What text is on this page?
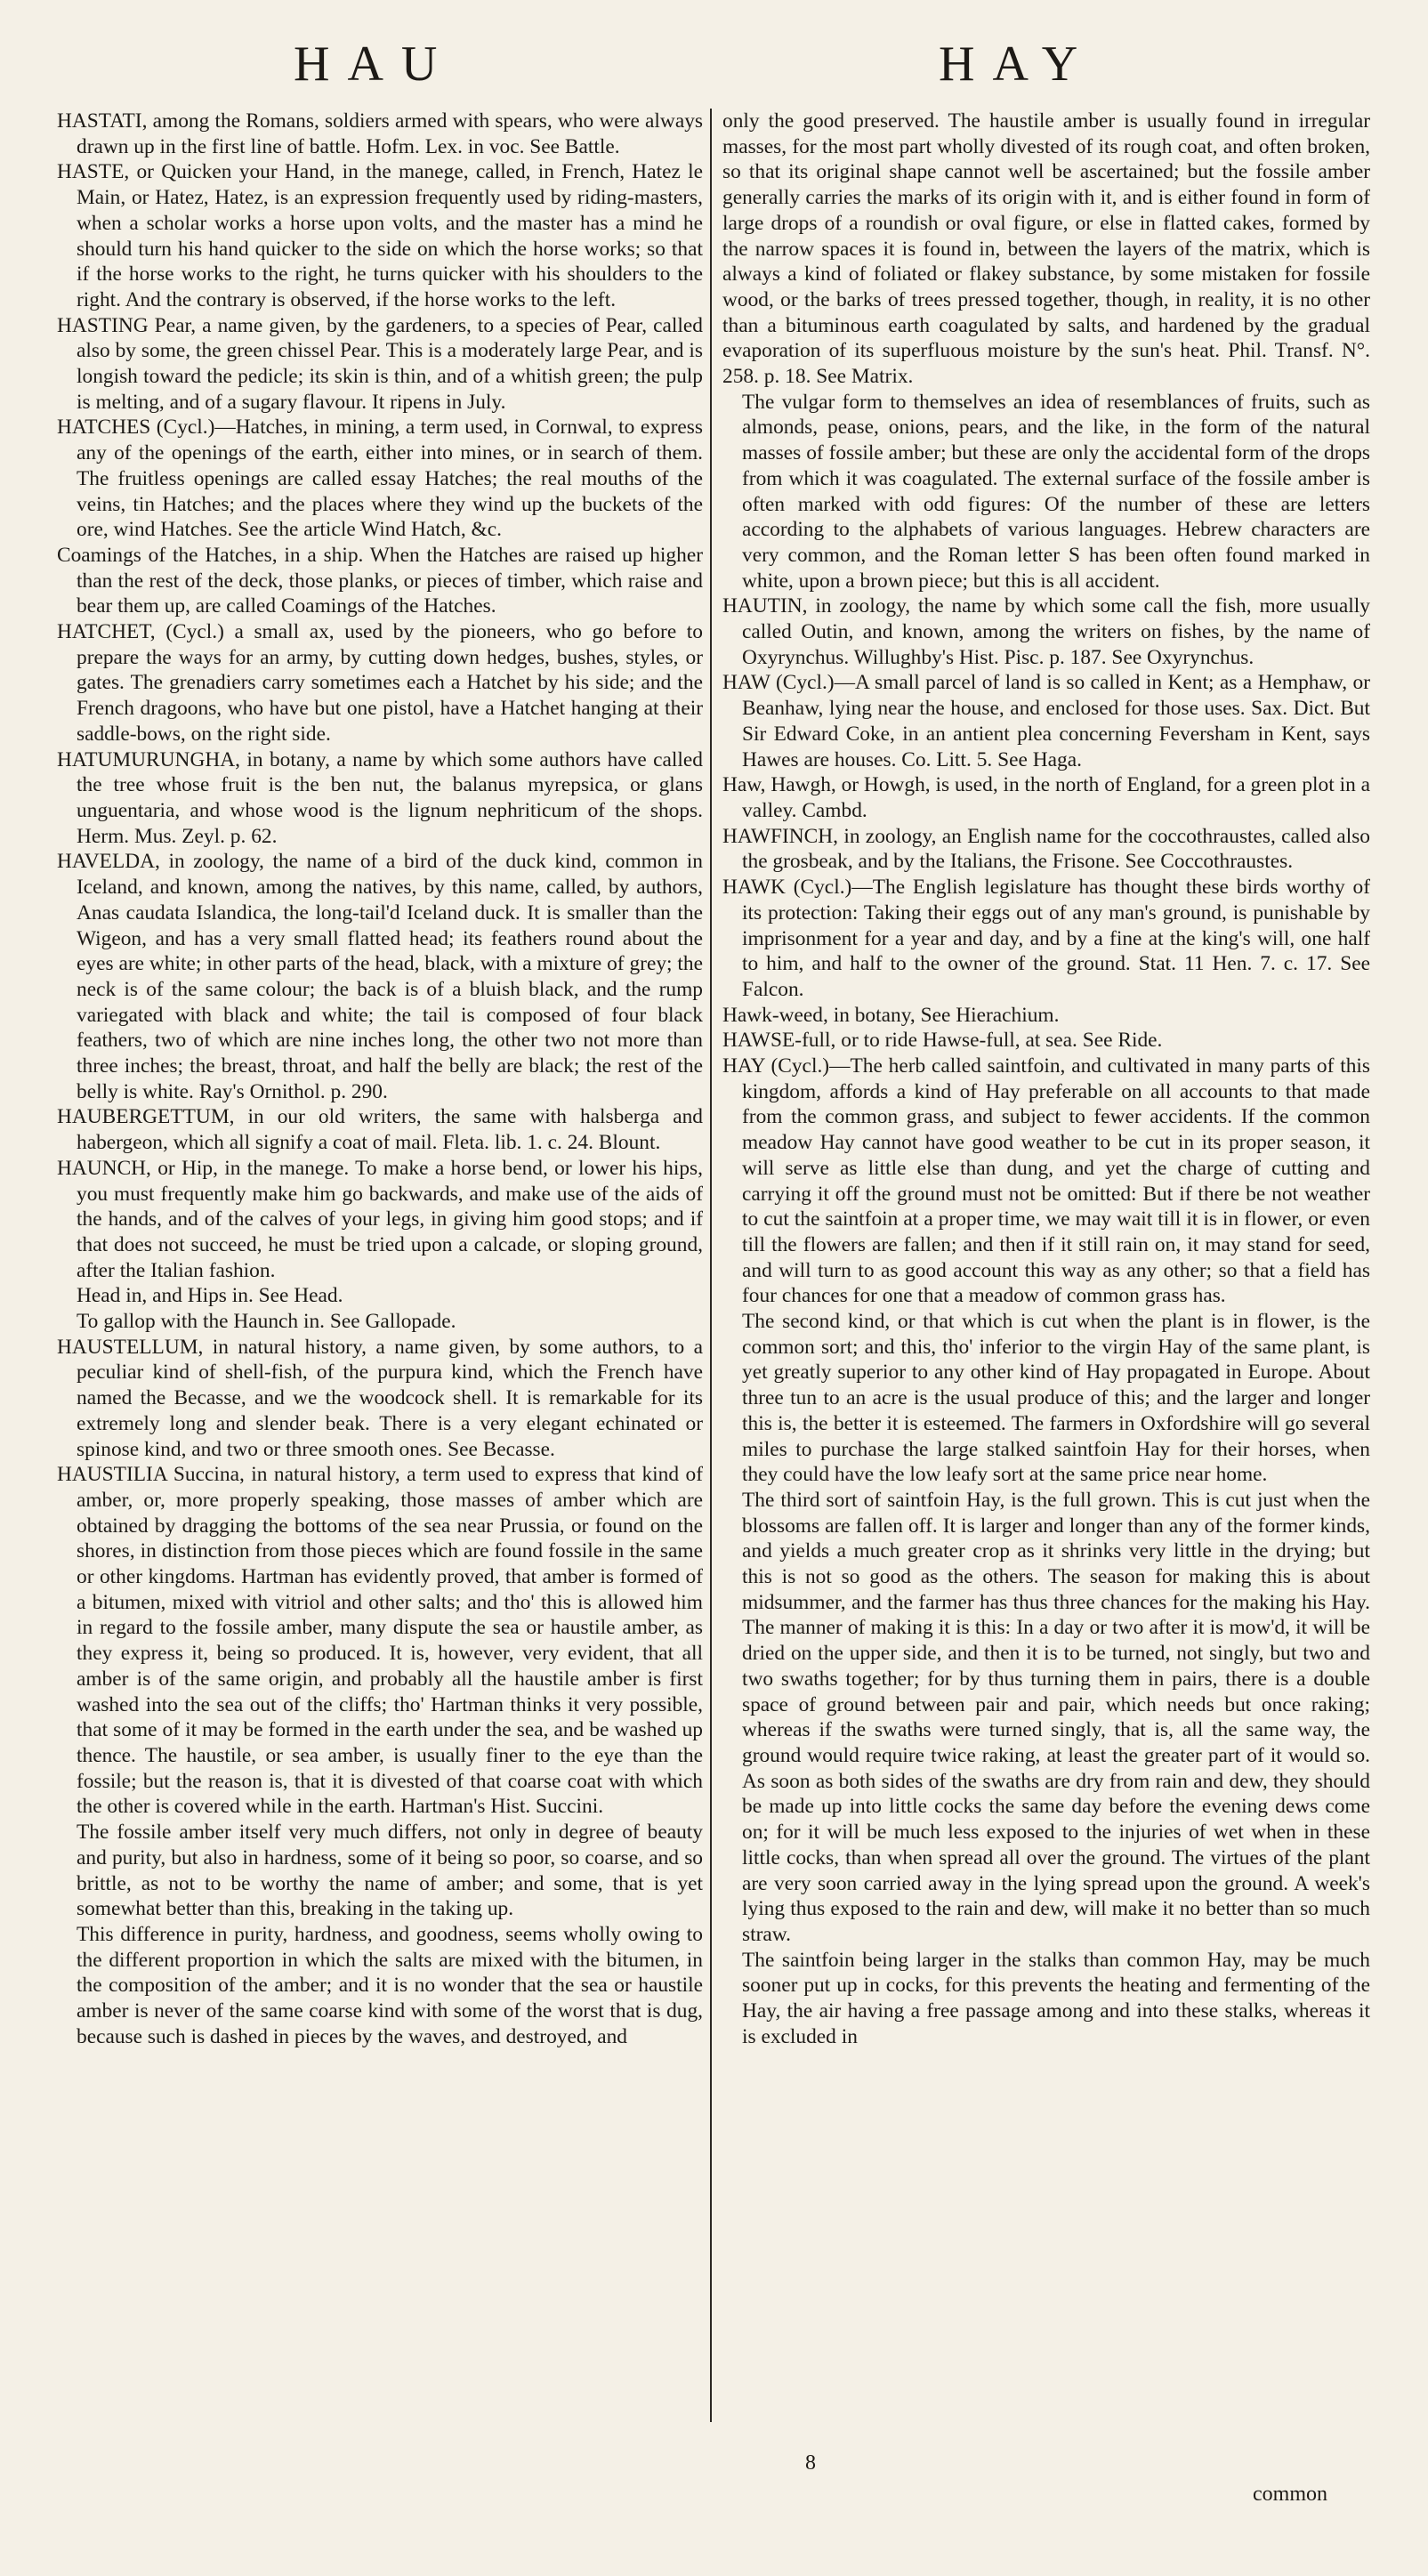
HAU	HAY

HASTATI, among the Romans, soldiers armed with spears, who were always drawn up in the first line of battle. Hofm. Lex. in voc. See Battle.

HASTE, or Quicken your Hand, in the manege, called, in French, Hatez le Main, or Hatez, Hatez, is an expression frequently used by riding-masters, when a scholar works a horse upon volts, and the master has a mind he should turn his hand quicker to the side on which the horse works; so that if the horse works to the right, he turns quicker with his shoulders to the right. And the contrary is observed, if the horse works to the left.

HASTING Pear, a name given, by the gardeners, to a species of Pear, called also by some, the green chissel Pear. This is a moderately large Pear, and is longish toward the pedicle; its skin is thin, and of a whitish green; the pulp is melting, and of a sugary flavour. It ripens in July.

HATCHES (Cycl.)—Hatches, in mining, a term used, in Cornwal, to express any of the openings of the earth, either into mines, or in search of them. The fruitless openings are called essay Hatches; the real mouths of the veins, tin Hatches; and the places where they wind up the buckets of the ore, wind Hatches. See the article Wind Hatch, &c.

Coamings of the Hatches, in a ship. When the Hatches are raised up higher than the rest of the deck, those planks, or pieces of timber, which raise and bear them up, are called Coamings of the Hatches.

HATCHET, (Cycl.) a small ax, used by the pioneers, who go before to prepare the ways for an army, by cutting down hedges, bushes, styles, or gates. The grenadiers carry sometimes each a Hatchet by his side; and the French dragoons, who have but one pistol, have a Hatchet hanging at their saddle-bows, on the right side.

HATUMURUNGHA, in botany, a name by which some authors have called the tree whose fruit is the ben nut, the balanus myrepsica, or glans unguentaria, and whose wood is the lignum nephriticum of the shops. Herm. Mus. Zeyl. p. 62.

HAVELDA, in zoology, the name of a bird of the duck kind, common in Iceland, and known, among the natives, by this name, called, by authors, Anas caudata Islandica, the long-tail'd Iceland duck. It is smaller than the Wigeon, and has a very small flatted head; its feathers round about the eyes are white; in other parts of the head, black, with a mixture of grey; the neck is of the same colour; the back is of a bluish black, and the rump variegated with black and white; the tail is composed of four black feathers, two of which are nine inches long, the other two not more than three inches; the breast, throat, and half the belly are black; the rest of the belly is white. Ray's Ornithol. p. 290.

HAUBERGETTUM, in our old writers, the same with halsberga and habergeon, which all signify a coat of mail. Fleta. lib. 1. c. 24. Blount.

HAUNCH, or Hip, in the manege. To make a horse bend, or lower his hips, you must frequently make him go backwards, and make use of the aids of the hands, and of the calves of your legs, in giving him good stops; and if that does not succeed, he must be tried upon a calcade, or sloping ground, after the Italian fashion.

Head in, and Hips in. See Head.

To gallop with the Haunch in. See Gallopade.

HAUSTELLUM, in natural history, a name given, by some authors, to a peculiar kind of shell-fish, of the purpura kind, which the French have named the Becasse, and we the woodcock shell. It is remarkable for its extremely long and slender beak. There is a very elegant echinated or spinose kind, and two or three smooth ones. See Becasse.

HAUSTILIA Succina, in natural history, a term used to express that kind of amber, or, more properly speaking, those masses of amber which are obtained by dragging the bottoms of the sea near Prussia, or found on the shores, in distinction from those pieces which are found fossile in the same or other kingdoms. Hartman has evidently proved, that amber is formed of a bitumen, mixed with vitriol and other salts; and tho' this is allowed him in regard to the fossile amber, many dispute the sea or haustile amber, as they express it, being so produced. It is, however, very evident, that all amber is of the same origin, and probably all the haustile amber is first washed into the sea out of the cliffs; tho' Hartman thinks it very possible, that some of it may be formed in the earth under the sea, and be washed up thence. The haustile, or sea amber, is usually finer to the eye than the fossile; but the reason is, that it is divested of that coarse coat with which the other is covered while in the earth. Hartman's Hist. Succini.

The fossile amber itself very much differs, not only in degree of beauty and purity, but also in hardness, some of it being so poor, so coarse, and so brittle, as not to be worthy the name of amber; and some, that is yet somewhat better than this, breaking in the taking up.

This difference in purity, hardness, and goodness, seems wholly owing to the different proportion in which the salts are mixed with the bitumen, in the composition of the amber; and it is no wonder that the sea or haustile amber is never of the same coarse kind with some of the worst that is dug, because such is dashed in pieces by the waves, and destroyed, and

only the good preserved. The haustile amber is usually found in irregular masses, for the most part wholly divested of its rough coat, and often broken, so that its original shape cannot well be ascertained; but the fossile amber generally carries the marks of its origin with it, and is either found in form of large drops of a roundish or oval figure, or else in flatted cakes, formed by the narrow spaces it is found in, between the layers of the matrix, which is always a kind of foliated or flakey substance, by some mistaken for fossile wood, or the barks of trees pressed together, though, in reality, it is no other than a bituminous earth coagulated by salts, and hardened by the gradual evaporation of its superfluous moisture by the sun's heat. Phil. Transf. N°. 258. p. 18. See Matrix.

The vulgar form to themselves an idea of resemblances of fruits, such as almonds, pease, onions, pears, and the like, in the form of the natural masses of fossile amber; but these are only the accidental form of the drops from which it was coagulated. The external surface of the fossile amber is often marked with odd figures: Of the number of these are letters according to the alphabets of various languages. Hebrew characters are very common, and the Roman letter S has been often found marked in white, upon a brown piece; but this is all accident.

HAUTIN, in zoology, the name by which some call the fish, more usually called Outin, and known, among the writers on fishes, by the name of Oxyrynchus. Willughby's Hist. Pisc. p. 187. See Oxyrynchus.

HAW (Cycl.)—A small parcel of land is so called in Kent; as a Hemphaw, or Beanhaw, lying near the house, and enclosed for those uses. Sax. Dict. But Sir Edward Coke, in an antient plea concerning Feversham in Kent, says Hawes are houses. Co. Litt. 5. See Haga.

Haw, Hawgh, or Howgh, is used, in the north of England, for a green plot in a valley. Cambd.

HAWFINCH, in zoology, an English name for the coccothraustes, called also the grosbeak, and by the Italians, the Frisone. See Coccothraustes.

HAWK (Cycl.)—The English legislature has thought these birds worthy of its protection: Taking their eggs out of any man's ground, is punishable by imprisonment for a year and day, and by a fine at the king's will, one half to him, and half to the owner of the ground. Stat. 11 Hen. 7. c. 17. See Falcon.

Hawk-weed, in botany, See Hierachium.

HAWSE-full, or to ride Hawse-full, at sea. See Ride.

HAY (Cycl.)—The herb called saintfoin, and cultivated in many parts of this kingdom, affords a kind of Hay preferable on all accounts to that made from the common grass, and subject to fewer accidents. If the common meadow Hay cannot have good weather to be cut in its proper season, it will serve as little else than dung, and yet the charge of cutting and carrying it off the ground must not be omitted: But if there be not weather to cut the saintfoin at a proper time, we may wait till it is in flower, or even till the flowers are fallen; and then if it still rain on, it may stand for seed, and will turn to as good account this way as any other; so that a field has four chances for one that a meadow of common grass has.

The second kind, or that which is cut when the plant is in flower, is the common sort; and this, tho' inferior to the virgin Hay of the same plant, is yet greatly superior to any other kind of Hay propagated in Europe. About three tun to an acre is the usual produce of this; and the larger and longer this is, the better it is esteemed. The farmers in Oxfordshire will go several miles to purchase the large stalked saintfoin Hay for their horses, when they could have the low leafy sort at the same price near home.

The third sort of saintfoin Hay, is the full grown. This is cut just when the blossoms are fallen off. It is larger and longer than any of the former kinds, and yields a much greater crop as it shrinks very little in the drying; but this is not so good as the others. The season for making this is about midsummer, and the farmer has thus three chances for the making his Hay. The manner of making it is this: In a day or two after it is mow'd, it will be dried on the upper side, and then it is to be turned, not singly, but two and two swaths together; for by thus turning them in pairs, there is a double space of ground between pair and pair, which needs but once raking; whereas if the swaths were turned singly, that is, all the same way, the ground would require twice raking, at least the greater part of it would so. As soon as both sides of the swaths are dry from rain and dew, they should be made up into little cocks the same day before the evening dews come on; for it will be much less exposed to the injuries of wet when in these little cocks, than when spread all over the ground. The virtues of the plant are very soon carried away in the lying spread upon the ground. A week's lying thus exposed to the rain and dew, will make it no better than so much straw.

The saintfoin being larger in the stalks than common Hay, may be much sooner put up in cocks, for this prevents the heating and fermenting of the Hay, the air having a free passage among and into these stalks, whereas it is excluded in

8
common
